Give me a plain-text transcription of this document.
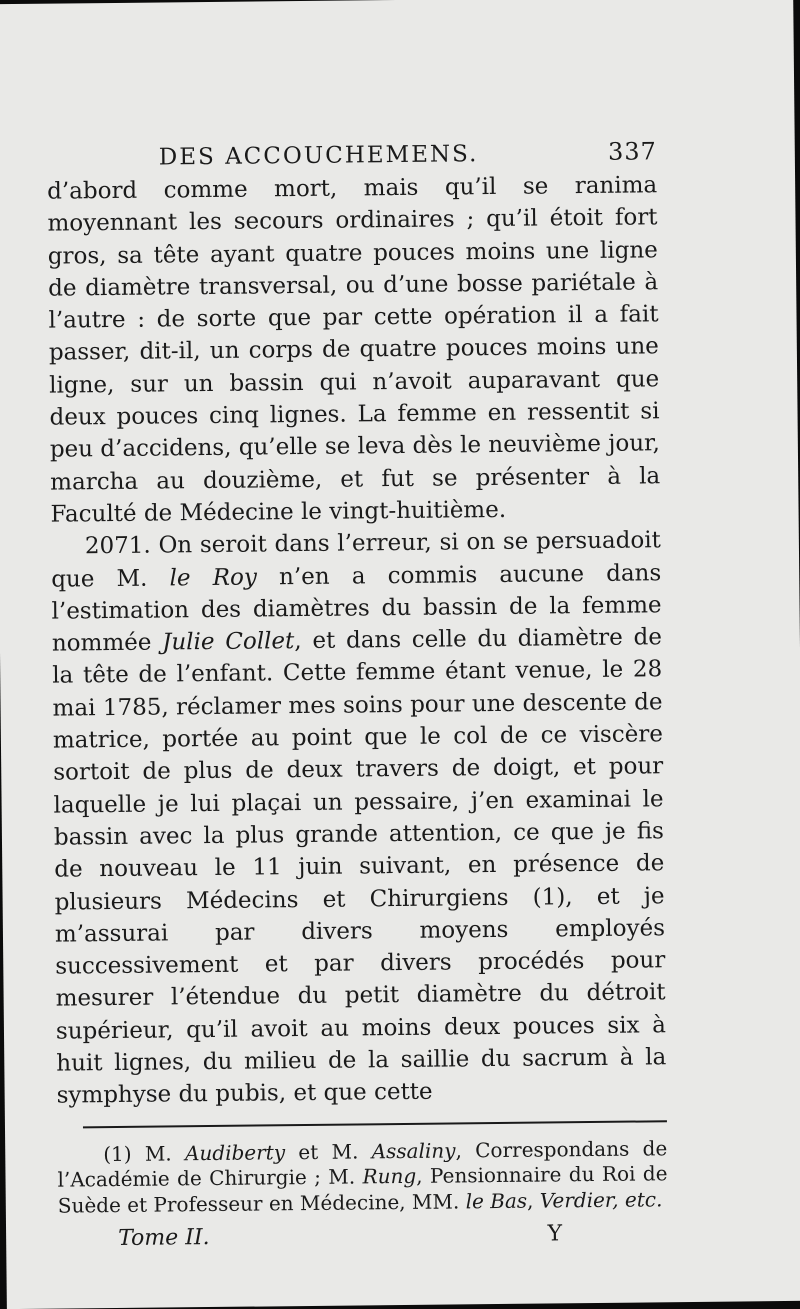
DES ACCOUCHEMENS.	337

d’abord comme mort, mais qu’il se ranima moyennant les secours ordinaires ; qu’il étoit fort gros, sa tête ayant quatre pouces moins une ligne de diamètre transversal, ou d’une bosse pariétale à l’autre : de sorte que par cette opération il a fait passer, dit-il, un corps de quatre pouces moins une ligne, sur un bassin qui n’avoit auparavant que deux pouces cinq lignes. La femme en ressentit si peu d’accidens, qu’elle se leva dès le neuvième jour, marcha au douzième, et fut se présenter à la Faculté de Médecine le vingt-huitième.

2071. On seroit dans l’erreur, si on se persuadoit que M. le Roy n’en a commis aucune dans l’estimation des diamètres du bassin de la femme nommée Julie Collet, et dans celle du diamètre de la tête de l’enfant. Cette femme étant venue, le 28 mai 1785, réclamer mes soins pour une descente de matrice, portée au point que le col de ce viscère sortoit de plus de deux travers de doigt, et pour laquelle je lui plaçai un pessaire, j’en examinai le bassin avec la plus grande attention, ce que je fis de nouveau le 11 juin suivant, en présence de plusieurs Médecins et Chirurgiens (1), et je m’assurai par divers moyens employés successivement et par divers procédés pour mesurer l’étendue du petit diamètre du détroit supérieur, qu’il avoit au moins deux pouces six à huit lignes, du milieu de la saillie du sacrum à la symphyse du pubis, et que cette

(1) M. Audiberty et M. Assaliny, Correspondans de l’Académie de Chirurgie ; M. Rung, Pensionnaire du Roi de Suède et Professeur en Médecine, MM. le Bas, Verdier, etc.

Tome II.	Y
